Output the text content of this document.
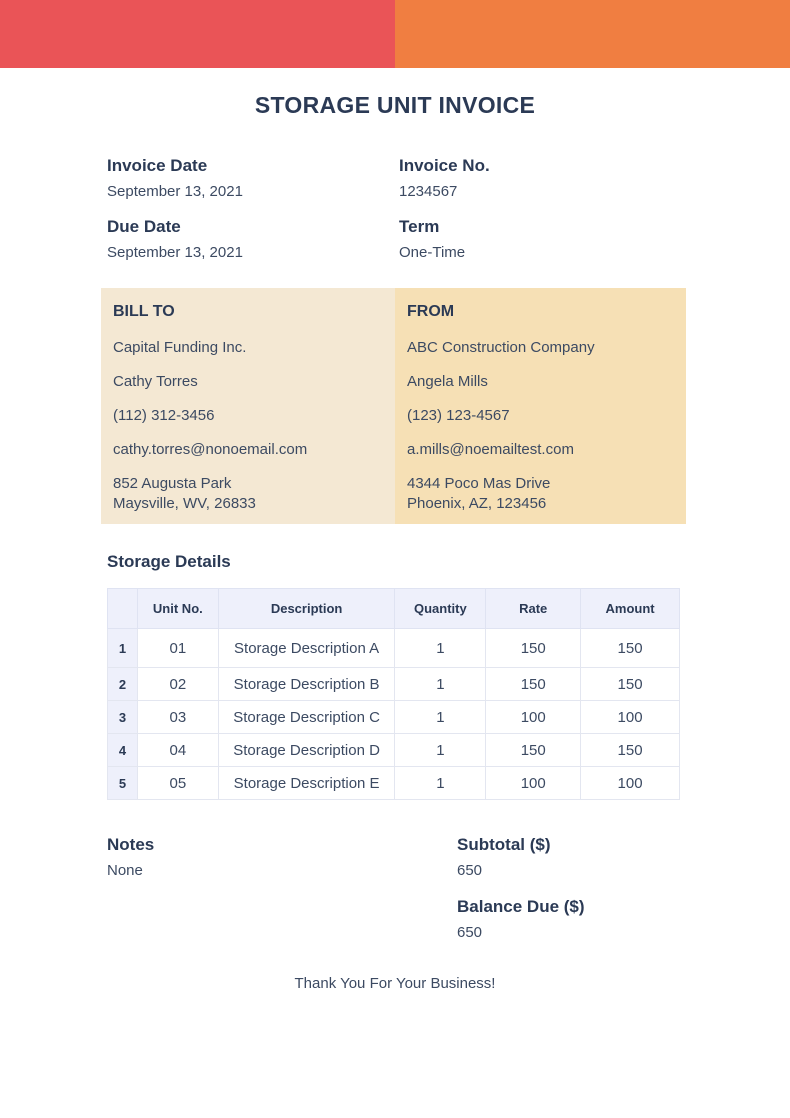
STORAGE UNIT INVOICE
Invoice Date
September 13, 2021
Invoice No.
1234567
Due Date
September 13, 2021
Term
One-Time
BILL TO
Capital Funding Inc.
Cathy Torres
(112) 312-3456
cathy.torres@nonoemail.com
852 Augusta Park
Maysville, WV, 26833
FROM
ABC Construction Company
Angela Mills
(123) 123-4567
a.mills@noemailtest.com
4344 Poco Mas Drive
Phoenix, AZ, 123456
Storage Details
	Unit No.	Description	Quantity	Rate	Amount
1	01	Storage Description A	1	150	150
2	02	Storage Description B	1	150	150
3	03	Storage Description C	1	100	100
4	04	Storage Description D	1	150	150
5	05	Storage Description E	1	100	100
Notes
None
Subtotal ($)
650
Balance Due ($)
650
Thank You For Your Business!
